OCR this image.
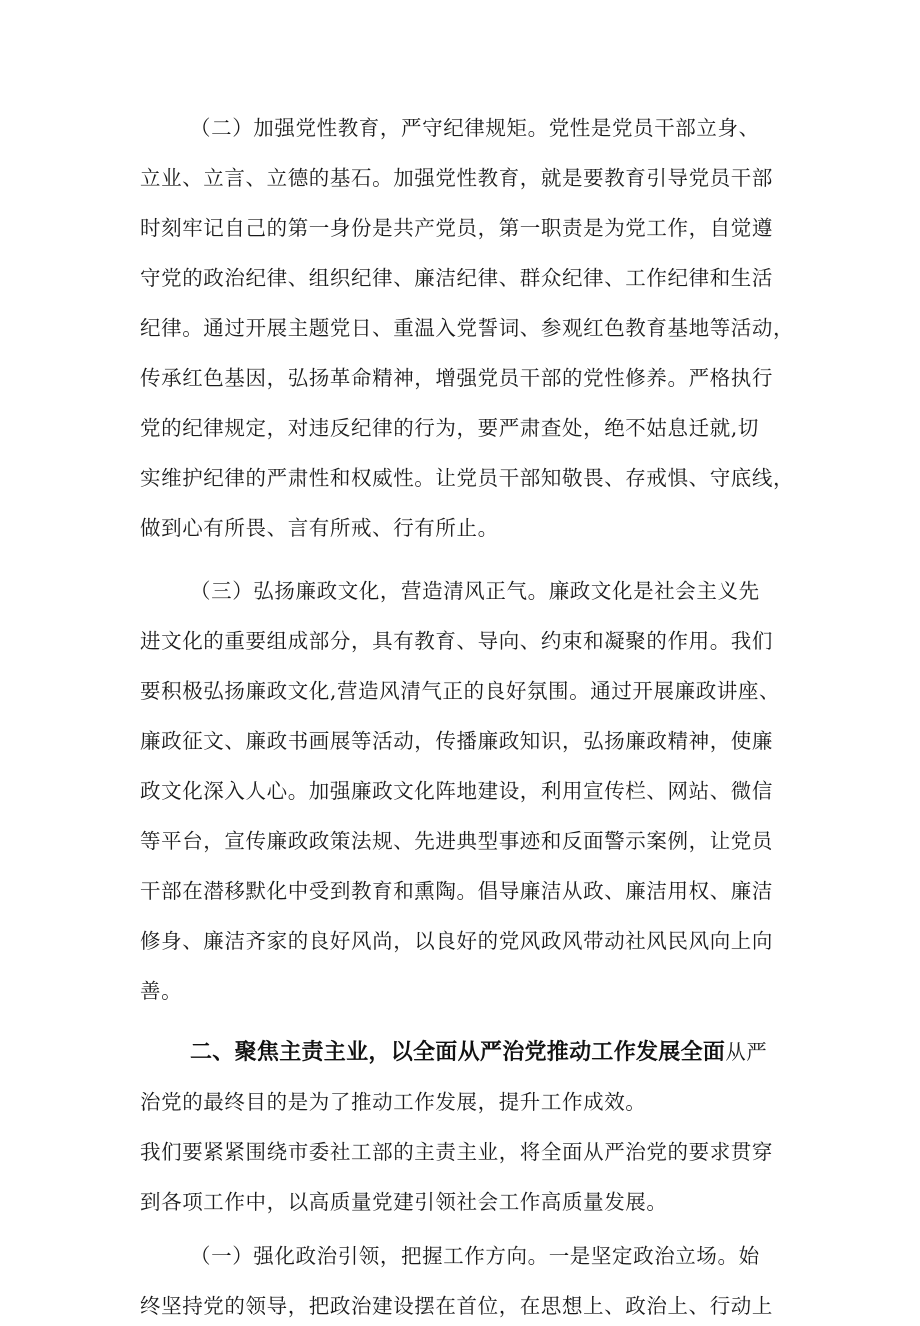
（二）加强党性教育，严守纪律规矩。党性是党员干部立身、
立业、立言、立德的基石。加强党性教育，就是要教育引导党员干部
时刻牢记自己的第一身份是共产党员，第一职责是为党工作，自觉遵
守党的政治纪律、组织纪律、廉洁纪律、群众纪律、工作纪律和生活
纪律。通过开展主题党日、重温入党誓词、参观红色教育基地等活动，
传承红色基因，弘扬革命精神，增强党员干部的党性修养。严格执行
党的纪律规定，对违反纪律的行为，要严肃查处，绝不姑息迁就,切
实维护纪律的严肃性和权威性。让党员干部知敬畏、存戒惧、守底线，
做到心有所畏、言有所戒、行有所止。
（三）弘扬廉政文化，营造清风正气。廉政文化是社会主义先
进文化的重要组成部分，具有教育、导向、约束和凝聚的作用。我们
要积极弘扬廉政文化,营造风清气正的良好氛围。通过开展廉政讲座、
廉政征文、廉政书画展等活动，传播廉政知识，弘扬廉政精神，使廉
政文化深入人心。加强廉政文化阵地建设，利用宣传栏、网站、微信
等平台，宣传廉政政策法规、先进典型事迹和反面警示案例，让党员
干部在潜移默化中受到教育和熏陶。倡导廉洁从政、廉洁用权、廉洁
修身、廉洁齐家的良好风尚，以良好的党风政风带动社风民风向上向
善。
二、聚焦主责主业，以全面从严治党推动工作发展全面从严
治党的最终目的是为了推动工作发展，提升工作成效。
我们要紧紧围绕市委社工部的主责主业，将全面从严治党的要求贯穿
到各项工作中，以高质量党建引领社会工作高质量发展。
（一）强化政治引领，把握工作方向。一是坚定政治立场。始
终坚持党的领导，把政治建设摆在首位，在思想上、政治上、行动上
